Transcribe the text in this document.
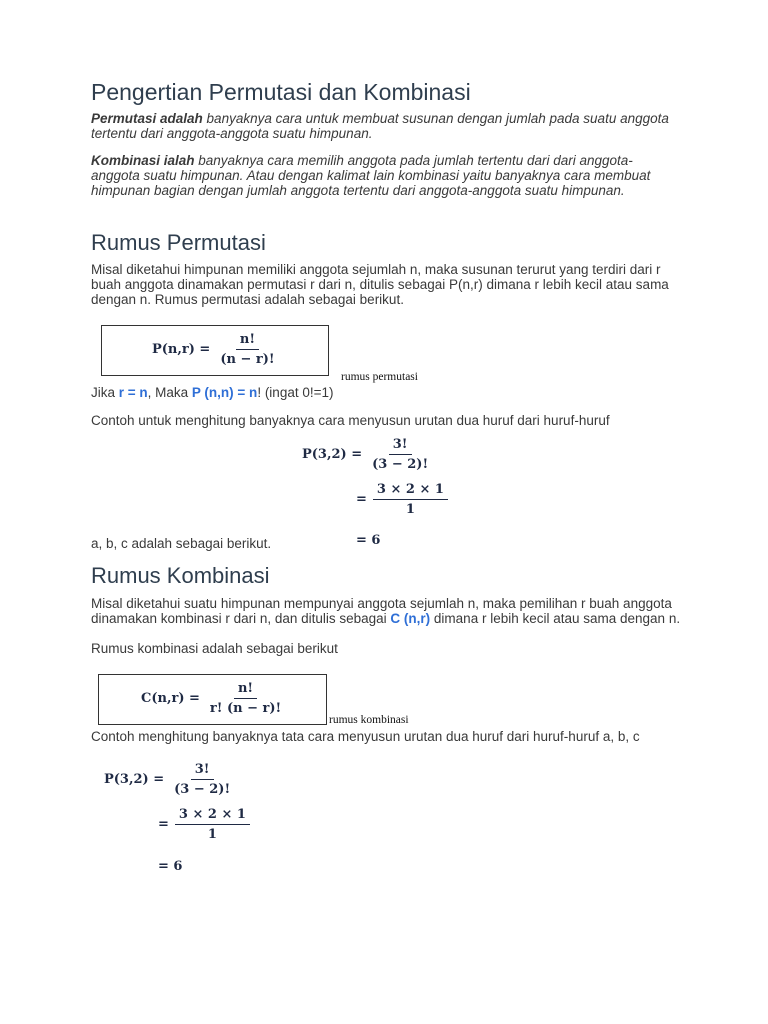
Pengertian Permutasi dan Kombinasi

Permutasi adalah banyaknya cara untuk membuat susunan dengan jumlah pada suatu anggota tertentu dari anggota-anggota suatu himpunan.

Kombinasi ialah banyaknya cara memilih anggota pada jumlah tertentu dari dari anggota-anggota suatu himpunan. Atau dengan kalimat lain kombinasi yaitu banyaknya cara membuat himpunan bagian dengan jumlah anggota tertentu dari anggota-anggota suatu himpunan.

Rumus Permutasi

Misal diketahui himpunan memiliki anggota sejumlah n, maka susunan terurut yang terdiri dari r buah anggota dinamakan permutasi r dari n, ditulis sebagai P(n,r) dimana r lebih kecil atau sama dengan n. Rumus permutasi adalah sebagai berikut.

$P(n,r) = \frac{n!}{(n - r)!}$
rumus permutasi

Jika r = n, Maka P (n,n) = n! (ingat 0!=1)

Contoh untuk menghitung banyaknya cara menyusun urutan dua huruf dari huruf-huruf

$P(3,2) = \frac{3!}{(3 - 2)!}$
= $\frac{3 \times 2 \times 1}{1}$
= 6

a, b, c adalah sebagai berikut.

Rumus Kombinasi

Misal diketahui suatu himpunan mempunyai anggota sejumlah n, maka pemilihan r buah anggota dinamakan kombinasi r dari n, dan ditulis sebagai C (n,r) dimana r lebih kecil atau sama dengan n.

Rumus kombinasi adalah sebagai berikut

$C(n,r) = \frac{n!}{r! (n - r)!}$
rumus kombinasi

Contoh menghitung banyaknya tata cara menyusun urutan dua huruf dari huruf-huruf a, b, c

$P(3,2) = \frac{3!}{(3 - 2)!}$
= $\frac{3 \times 2 \times 1}{1}$
= 6
